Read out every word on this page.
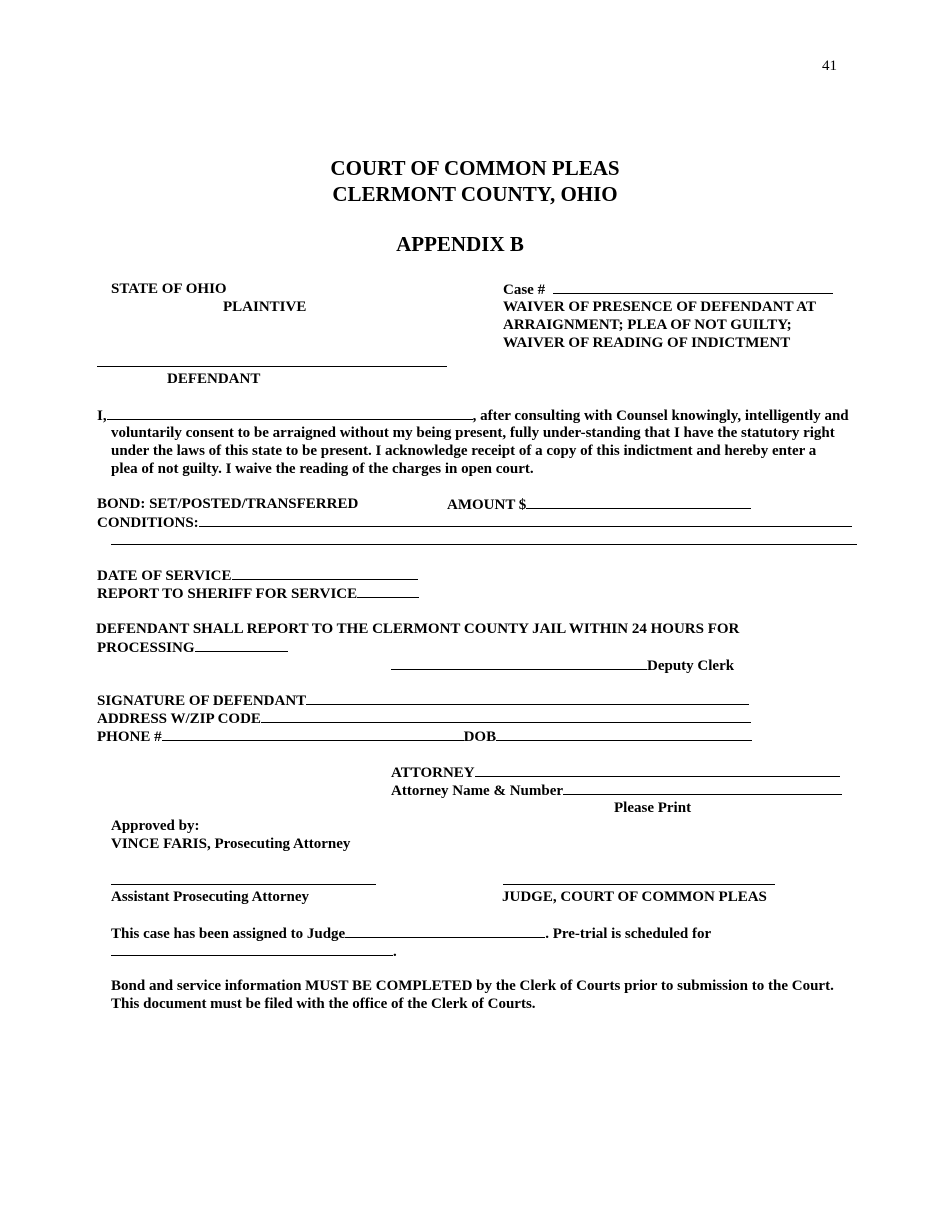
41
COURT OF COMMON PLEAS
CLERMONT COUNTY, OHIO
APPENDIX B
STATE OF OHIO
PLAINTIVE
Case #
WAIVER OF PRESENCE OF DEFENDANT AT
ARRAIGNMENT; PLEA OF NOT GUILTY;
WAIVER OF READING OF INDICTMENT
DEFENDANT
I,	, after consulting with Counsel knowingly, intelligently and
voluntarily consent to be arraigned without my being present, fully under-standing that I have the statutory right
under the laws of this state to be present. I acknowledge receipt of a copy of this indictment and hereby enter a
plea of not guilty. I waive the reading of the charges in open court.
BOND: SET/POSTED/TRANSFERRED	AMOUNT $
CONDITIONS:
DATE OF SERVICE
REPORT TO SHERIFF FOR SERVICE
DEFENDANT SHALL REPORT TO THE CLERMONT COUNTY JAIL WITHIN 24 HOURS FOR
PROCESSING
Deputy Clerk
SIGNATURE OF DEFENDANT
ADDRESS W/ZIP CODE
PHONE #	DOB
ATTORNEY
Attorney Name & Number
Please Print
Approved by:
VINCE FARIS, Prosecuting Attorney
Assistant Prosecuting Attorney	JUDGE, COURT OF COMMON PLEAS
This case has been assigned to Judge	. Pre-trial is scheduled for
.
Bond and service information MUST BE COMPLETED by the Clerk of Courts prior to submission to the Court.
This document must be filed with the office of the Clerk of Courts.
